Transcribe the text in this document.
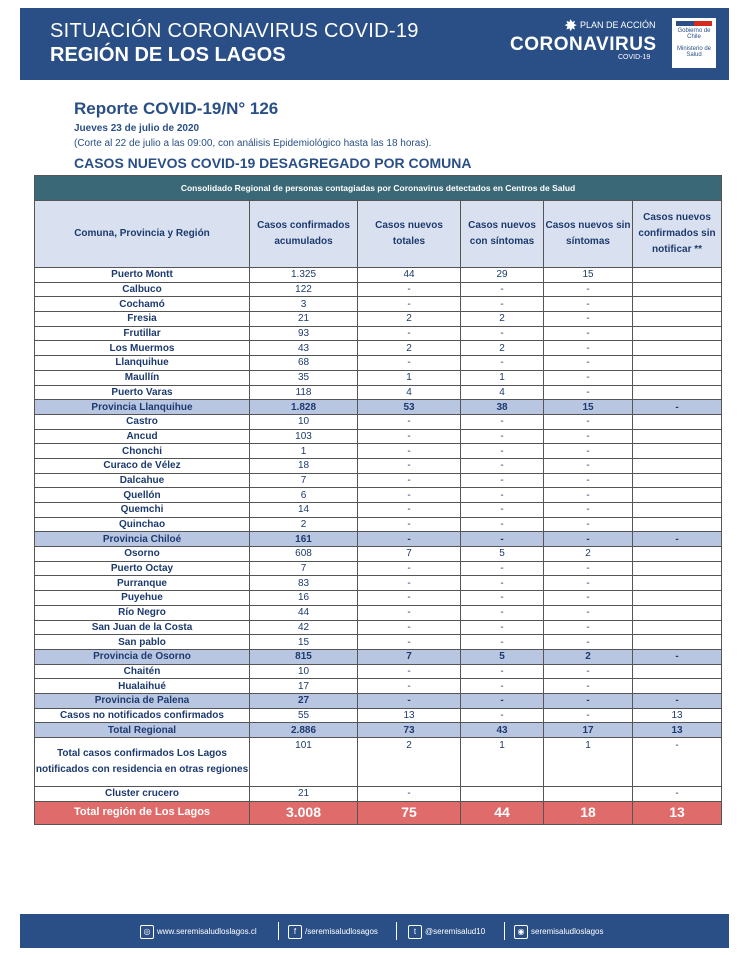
SITUACIÓN CORONAVIRUS COVID-19
REGIÓN DE LOS LAGOS
✸ PLAN DE ACCIÓN
CORONAVIRUS
COVID-19
Gobierno de Chile

Ministerio de Salud
Reporte COVID-19/N° 126
Jueves 23 de julio de 2020
(Corte al 22 de julio a las 09:00, con análisis Epidemiológico hasta las 18 horas).
CASOS NUEVOS COVID-19 DESAGREGADO POR COMUNA
Consolidado Regional de personas contagiadas por Coronavirus detectados en Centros de Salud					
Comuna, Provincia y Región	Casos confirmados acumulados	Casos nuevos totales	Casos nuevos con síntomas	Casos nuevos sin síntomas	Casos nuevos confirmados sin notificar **
Puerto Montt	1.325	44	29	15	
Calbuco	122	-	-	-	
Cochamó	3	-	-	-	
Fresia	21	2	2	-	
Frutillar	93	-	-	-	
Los Muermos	43	2	2	-	
Llanquihue	68	-	-	-	
Maullín	35	1	1	-	
Puerto Varas	118	4	4	-	
Provincia Llanquihue	1.828	53	38	15	-
Castro	10	-	-	-	
Ancud	103	-	-	-	
Chonchi	1	-	-	-	
Curaco de Vélez	18	-	-	-	
Dalcahue	7	-	-	-	
Quellón	6	-	-	-	
Quemchi	14	-	-	-	
Quinchao	2	-	-	-	
Provincia Chiloé	161	-	-	-	-
Osorno	608	7	5	2	
Puerto Octay	7	-	-	-	
Purranque	83	-	-	-	
Puyehue	16	-	-	-	
Río Negro	44	-	-	-	
San Juan de la Costa	42	-	-	-	
San pablo	15	-	-	-	
Provincia de Osorno	815	7	5	2	-
Chaitén	10	-	-	-	
Hualaihué	17	-	-	-	
Provincia de Palena	27	-	-	-	-
Casos no notificados confirmados	55	13	-	-	13
Total Regional	2.886	73	43	17	13
Total casos confirmados Los Lagos notificados con residencia en otras regiones	101	2	1	1	-
Cluster crucero	21	-			-
Total región de Los Lagos	3.008	75	44	18	13
◎ www.seremisaludloslagos.cl	f /seremisaludlosagos	t @seremisalud10	◉ seremisaludloslagos
